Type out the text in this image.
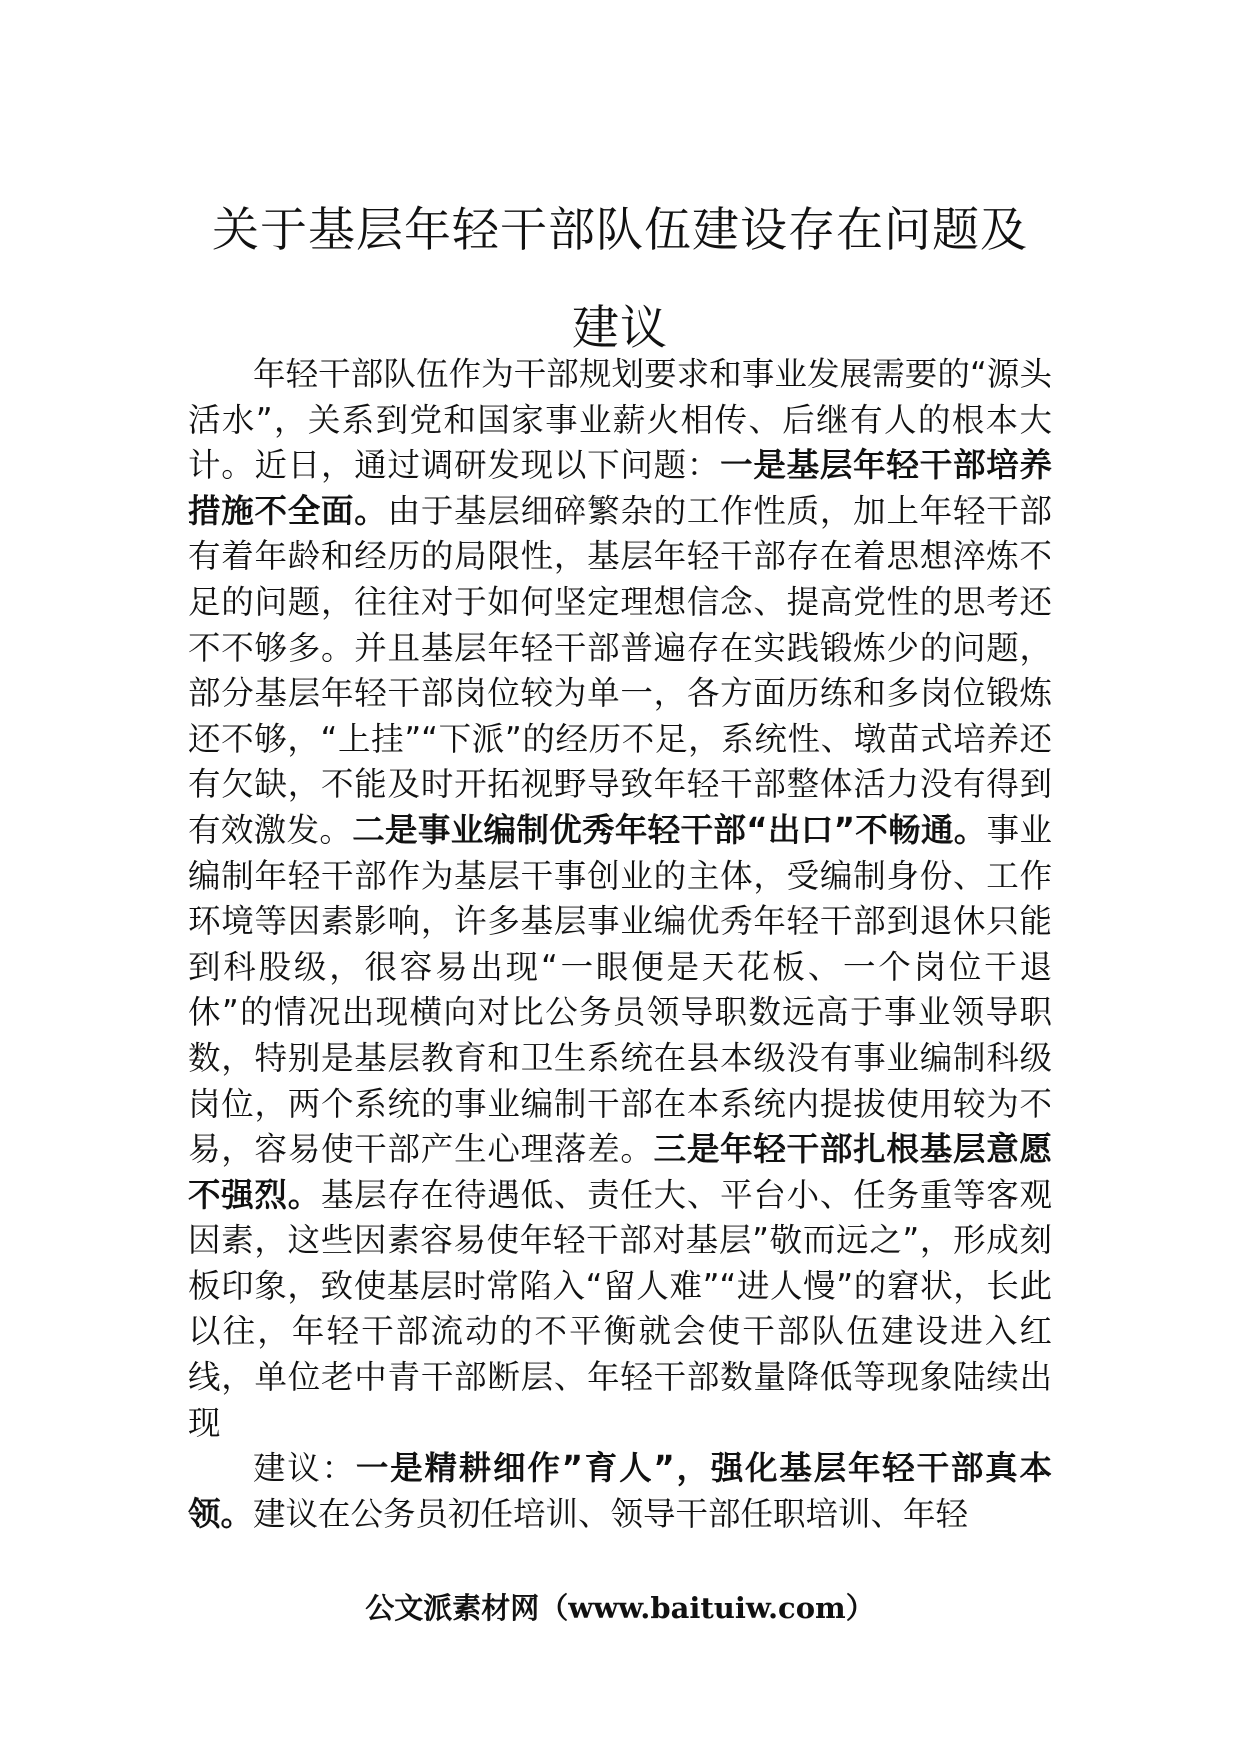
关于基层年轻干部队伍建设存在问题及建议

年轻干部队伍作为干部规划要求和事业发展需要的“源头活水”，关系到党和国家事业薪火相传、后继有人的根本大计。近日，通过调研发现以下问题：一是基层年轻干部培养措施不全面。由于基层细碎繁杂的工作性质，加上年轻干部有着年龄和经历的局限性，基层年轻干部存在着思想淬炼不足的问题，往往对于如何坚定理想信念、提高党性的思考还不不够多。并且基层年轻干部普遍存在实践锻炼少的问题，部分基层年轻干部岗位较为单一，各方面历练和多岗位锻炼还不够，“上挂”“下派”的经历不足，系统性、墩苗式培养还有欠缺，不能及时开拓视野导致年轻干部整体活力没有得到有效激发。二是事业编制优秀年轻干部“出口”不畅通。事业编制年轻干部作为基层干事创业的主体，受编制身份、工作环境等因素影响，许多基层事业编优秀年轻干部到退休只能到科股级，很容易出现“一眼便是天花板、一个岗位干退休”的情况出现横向对比公务员领导职数远高于事业领导职数，特别是基层教育和卫生系统在县本级没有事业编制科级岗位，两个系统的事业编制干部在本系统内提拔使用较为不易，容易使干部产生心理落差。三是年轻干部扎根基层意愿不强烈。基层存在待遇低、责任大、平台小、任务重等客观因素，这些因素容易使年轻干部对基层”敬而远之”，形成刻板印象，致使基层时常陷入“留人难”“进人慢”的窘状，长此以往，年轻干部流动的不平衡就会使干部队伍建设进入红线，单位老中青干部断层、年轻干部数量降低等现象陆续出现

建议：一是精耕细作”育人”，强化基层年轻干部真本领。建议在公务员初任培训、领导干部任职培训、年轻

公文派素材网（www.baituiw.com）
